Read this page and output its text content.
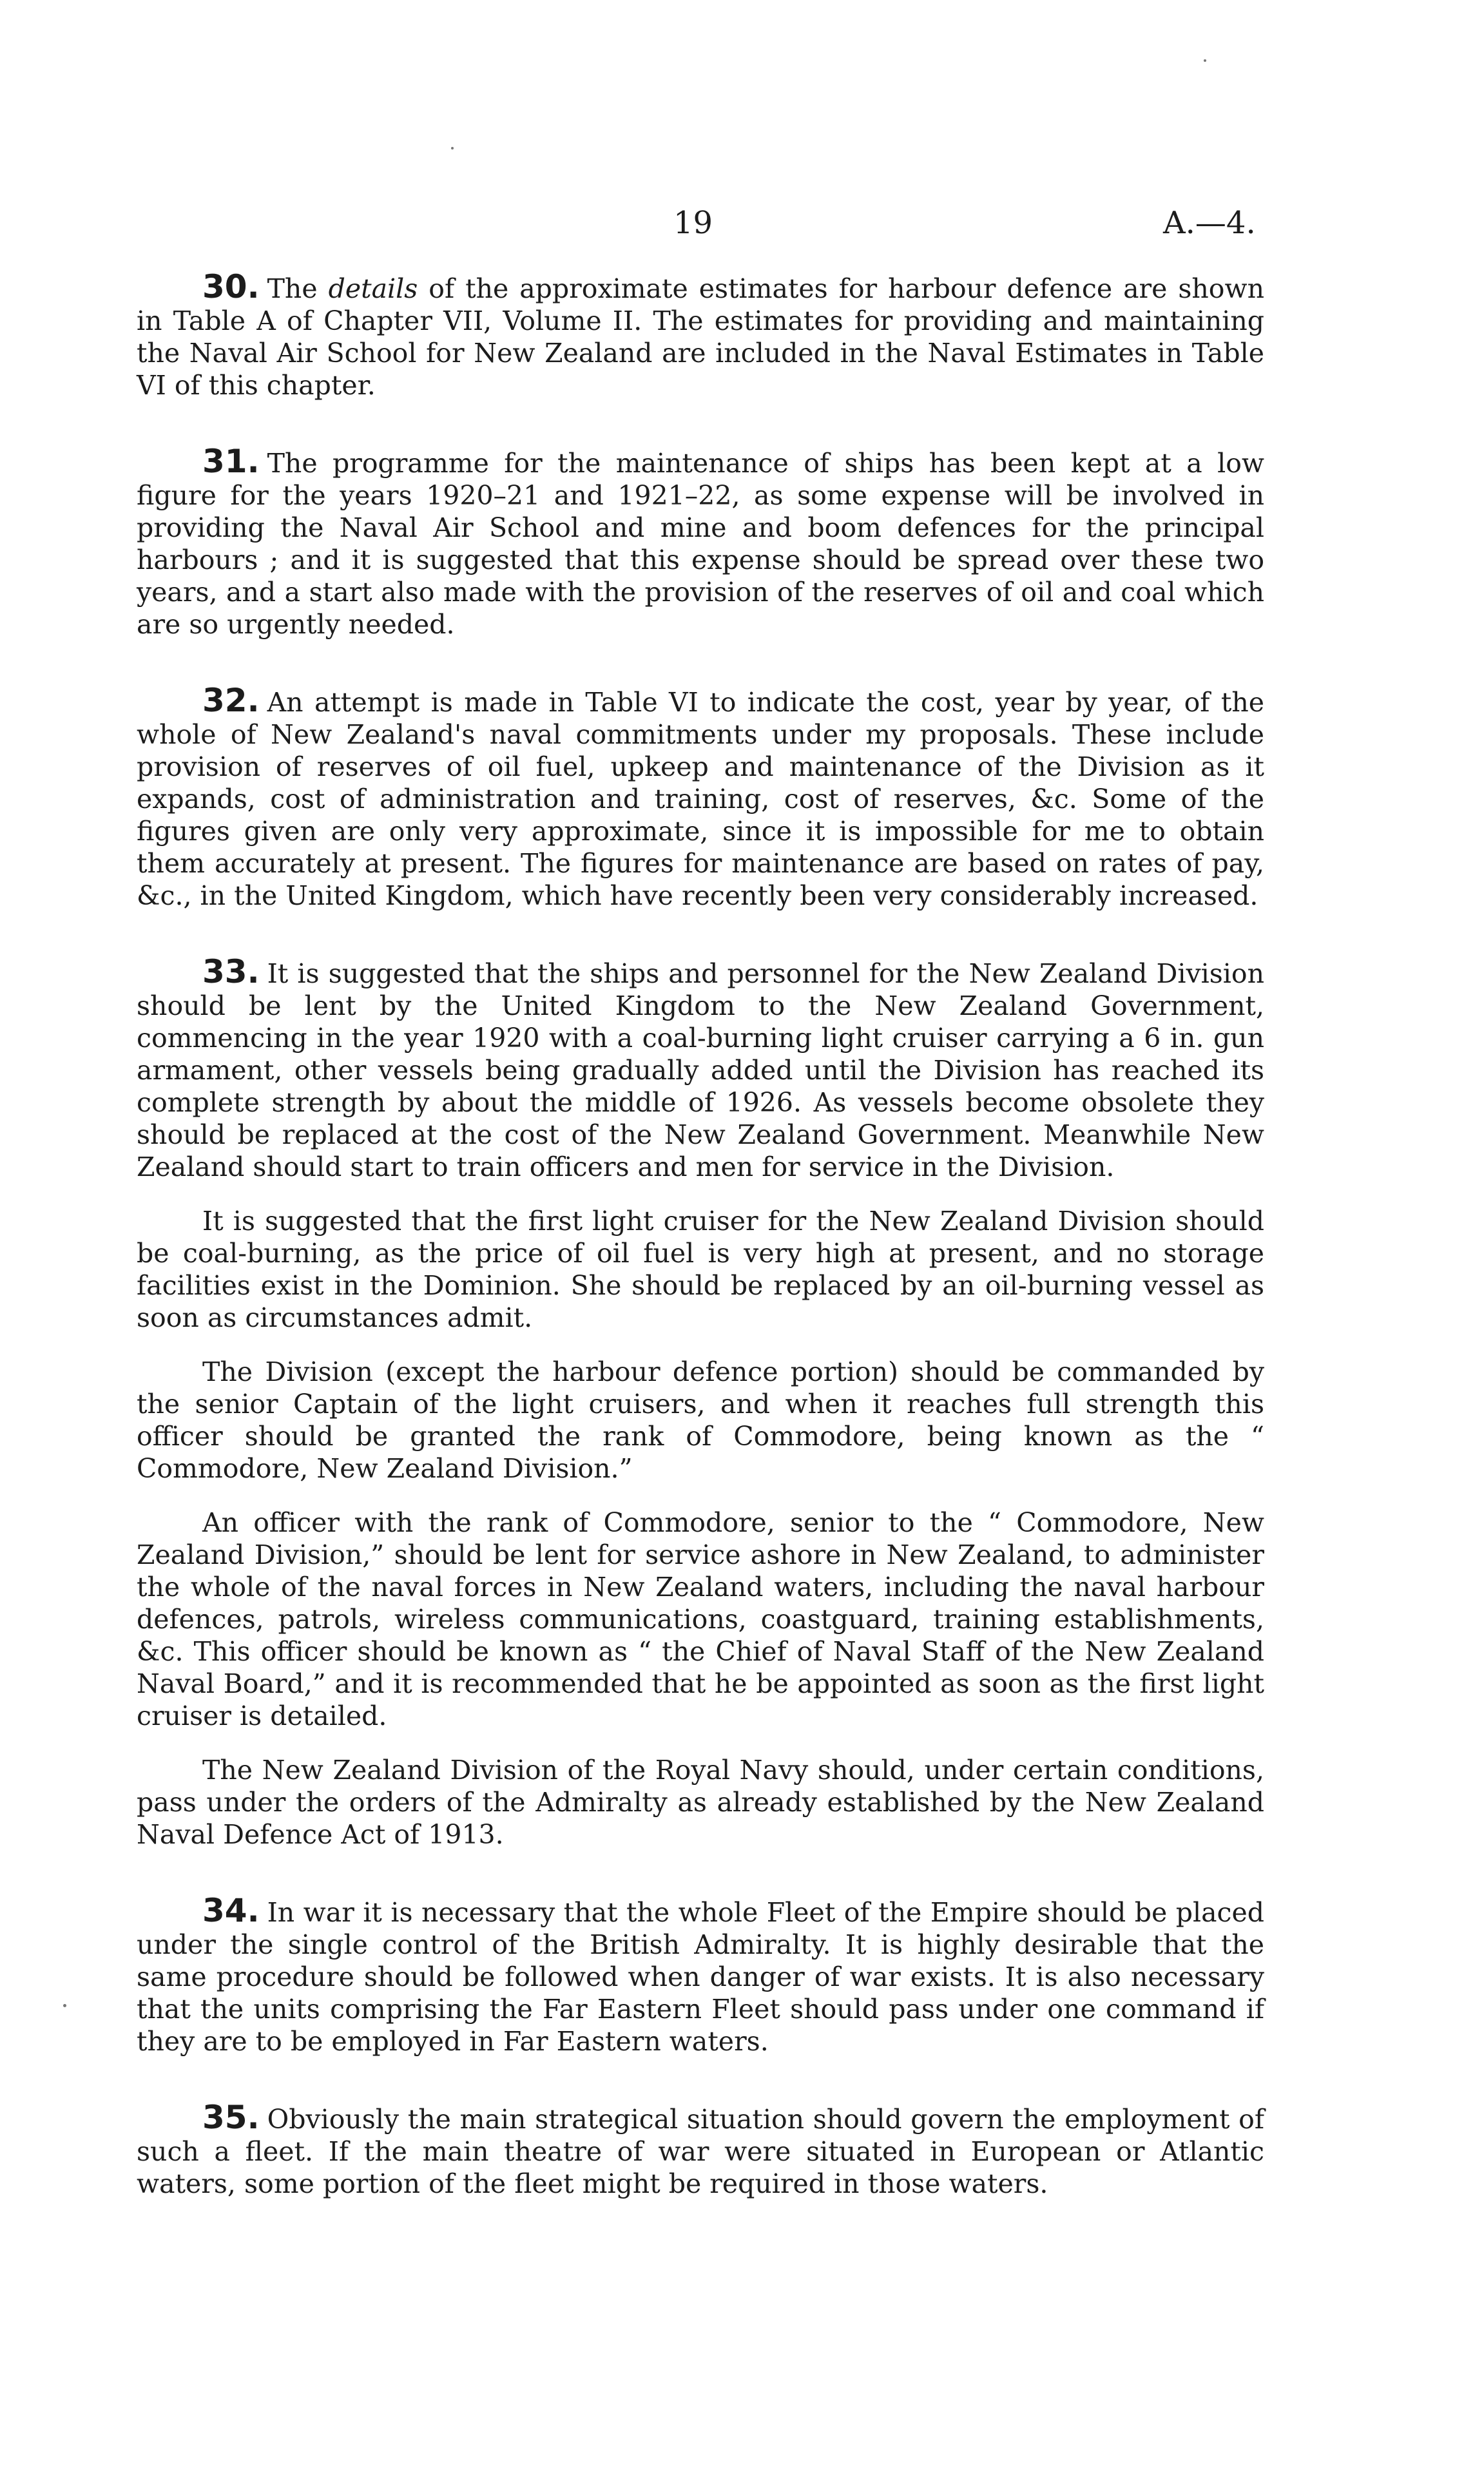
19	A.—4.

30. The details of the approximate estimates for harbour defence are shown in Table A of Chapter VII, Volume II. The estimates for providing and maintaining the Naval Air School for New Zealand are included in the Naval Estimates in Table VI of this chapter.

31. The programme for the maintenance of ships has been kept at a low figure for the years 1920–21 and 1921–22, as some expense will be involved in providing the Naval Air School and mine and boom defences for the principal harbours ; and it is suggested that this expense should be spread over these two years, and a start also made with the provision of the reserves of oil and coal which are so urgently needed.

32. An attempt is made in Table VI to indicate the cost, year by year, of the whole of New Zealand's naval commitments under my proposals. These include provision of reserves of oil fuel, upkeep and maintenance of the Division as it expands, cost of administration and training, cost of reserves, &c. Some of the figures given are only very approximate, since it is impossible for me to obtain them accurately at present. The figures for maintenance are based on rates of pay, &c., in the United Kingdom, which have recently been very considerably increased.

33. It is suggested that the ships and personnel for the New Zealand Division should be lent by the United Kingdom to the New Zealand Government, commencing in the year 1920 with a coal-burning light cruiser carrying a 6 in. gun armament, other vessels being gradually added until the Division has reached its complete strength by about the middle of 1926. As vessels become obsolete they should be replaced at the cost of the New Zealand Government. Meanwhile New Zealand should start to train officers and men for service in the Division.

It is suggested that the first light cruiser for the New Zealand Division should be coal-burning, as the price of oil fuel is very high at present, and no storage facilities exist in the Dominion. She should be replaced by an oil-burning vessel as soon as circumstances admit.

The Division (except the harbour defence portion) should be commanded by the senior Captain of the light cruisers, and when it reaches full strength this officer should be granted the rank of Commodore, being known as the “ Commodore, New Zealand Division.”

An officer with the rank of Commodore, senior to the “ Commodore, New Zealand Division,” should be lent for service ashore in New Zealand, to administer the whole of the naval forces in New Zealand waters, including the naval harbour defences, patrols, wireless communications, coastguard, training establishments, &c. This officer should be known as “ the Chief of Naval Staff of the New Zealand Naval Board,” and it is recommended that he be appointed as soon as the first light cruiser is detailed.

The New Zealand Division of the Royal Navy should, under certain conditions, pass under the orders of the Admiralty as already established by the New Zealand Naval Defence Act of 1913.

34. In war it is necessary that the whole Fleet of the Empire should be placed under the single control of the British Admiralty. It is highly desirable that the same procedure should be followed when danger of war exists. It is also necessary that the units comprising the Far Eastern Fleet should pass under one command if they are to be employed in Far Eastern waters.

35. Obviously the main strategical situation should govern the employment of such a fleet. If the main theatre of war were situated in European or Atlantic waters, some portion of the fleet might be required in those waters.
